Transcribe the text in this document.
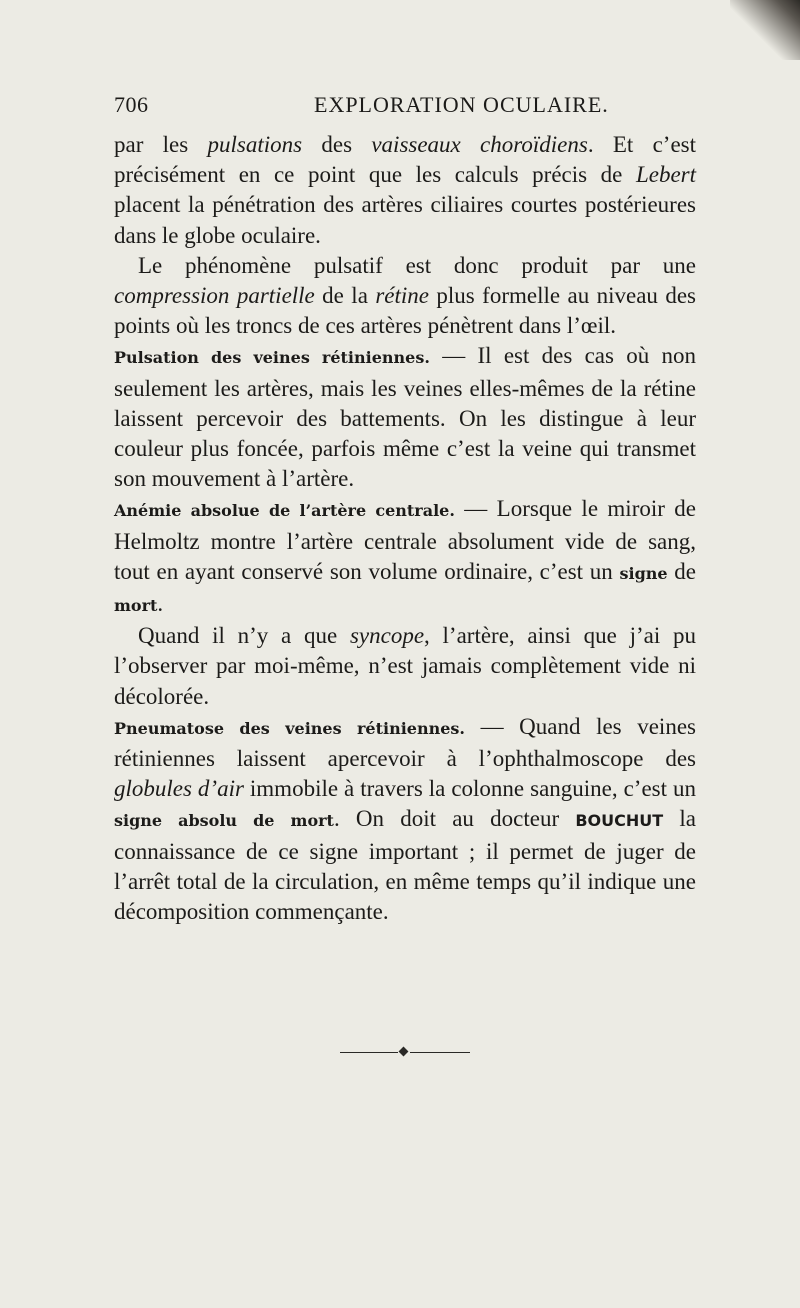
706	EXPLORATION OCULAIRE.

par les pulsations des vaisseaux choroïdiens. Et c’est précisément en ce point que les calculs précis de Lebert placent la pénétration des artères ciliaires courtes postérieures dans le globe oculaire.

Le phénomène pulsatif est donc produit par une compression partielle de la rétine plus formelle au niveau des points où les troncs de ces artères pénètrent dans l’œil.

Pulsation des veines rétiniennes. — Il est des cas où non seulement les artères, mais les veines elles-mêmes de la rétine laissent percevoir des battements. On les distingue à leur couleur plus foncée, parfois même c’est la veine qui transmet son mouvement à l’artère.

Anémie absolue de l’artère centrale. — Lorsque le miroir de Helmoltz montre l’artère centrale absolument vide de sang, tout en ayant conservé son volume ordinaire, c’est un signe de mort.

Quand il n’y a que syncope, l’artère, ainsi que j’ai pu l’observer par moi-même, n’est jamais complètement vide ni décolorée.

Pneumatose des veines rétiniennes. — Quand les veines rétiniennes laissent apercevoir à l’ophthalmoscope des globules d’air immobile à travers la colonne sanguine, c’est un signe absolu de mort. On doit au docteur BOUCHUT la connaissance de ce signe important ; il permet de juger de l’arrêt total de la circulation, en même temps qu’il indique une décomposition commençante.
